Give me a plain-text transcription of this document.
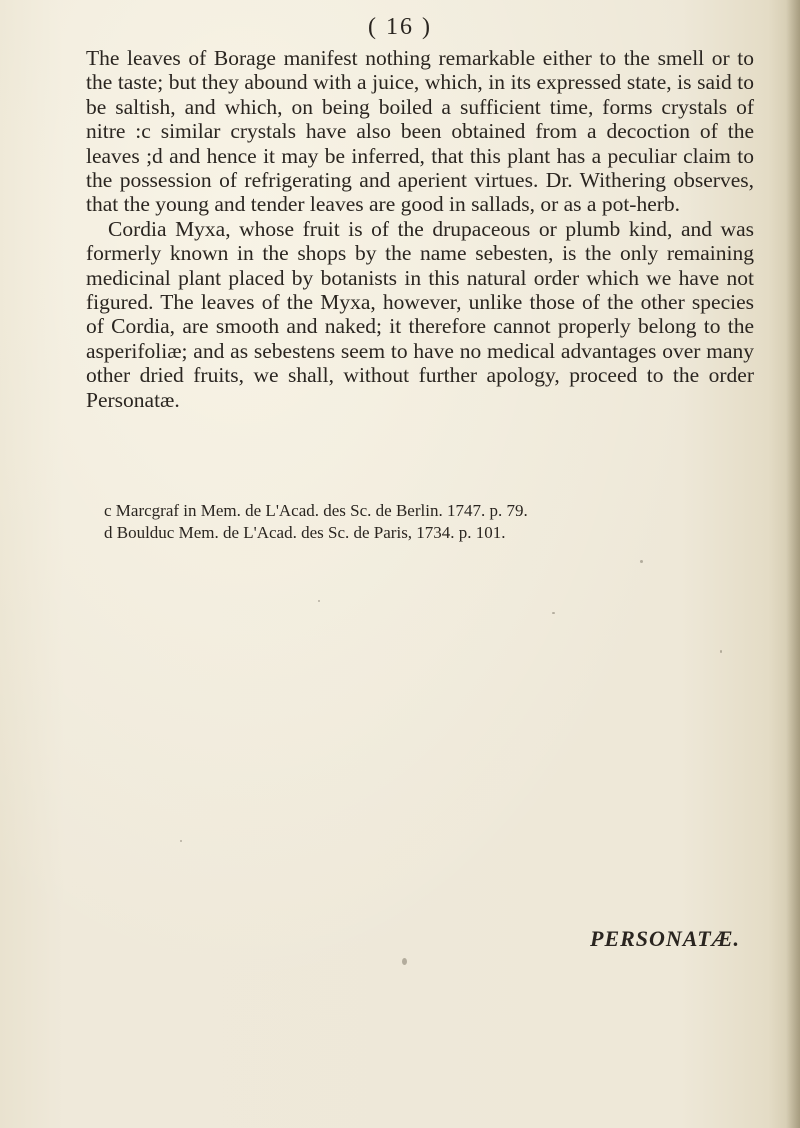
( 16 )

The leaves of Borage manifest nothing remarkable either to the smell or to the taste; but they abound with a juice, which, in its expressed state, is said to be saltish, and which, on being boiled a sufficient time, forms crystals of nitre :c similar crystals have also been obtained from a decoction of the leaves ;d and hence it may be inferred, that this plant has a peculiar claim to the possession of refrigerating and aperient virtues. Dr. Withering observes, that the young and tender leaves are good in sallads, or as a pot-herb.

Cordia Myxa, whose fruit is of the drupaceous or plumb kind, and was formerly known in the shops by the name sebesten, is the only remaining medicinal plant placed by botanists in this natural order which we have not figured. The leaves of the Myxa, however, unlike those of the other species of Cordia, are smooth and naked; it therefore cannot properly belong to the asperifoliæ; and as sebestens seem to have no medical advantages over many other dried fruits, we shall, without further apology, proceed to the order Personatæ.

c Marcgraf in Mem. de L'Acad. des Sc. de Berlin. 1747. p. 79.

d Boulduc Mem. de L'Acad. des Sc. de Paris, 1734. p. 101.

PERSONATÆ.
